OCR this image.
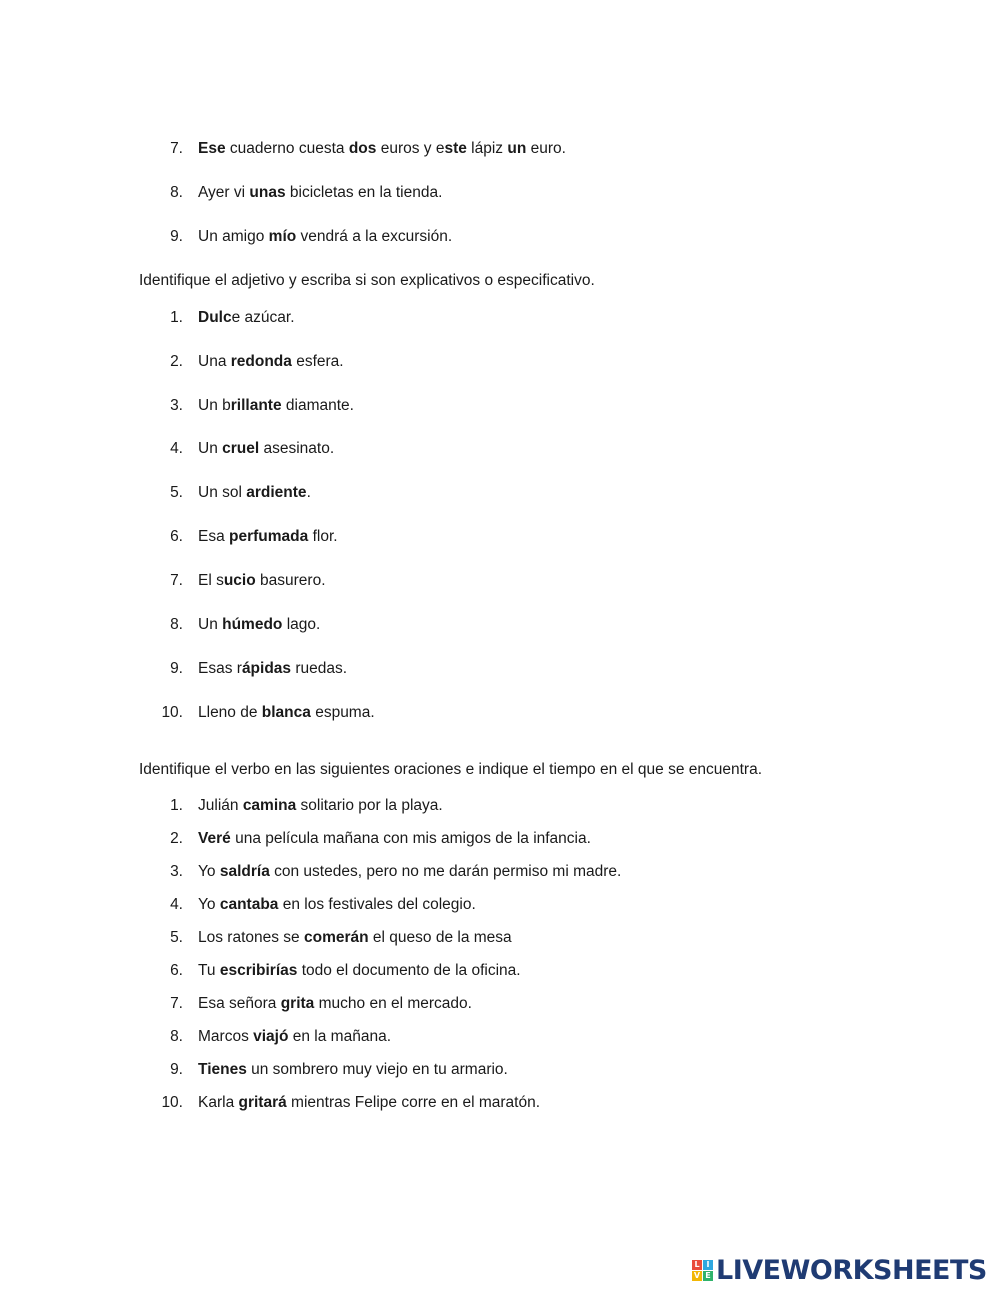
Identifique el adjetivo y escriba si son explicativos o especificativo.
Identifique el verbo en las siguientes oraciones e indique el tiempo en el que se encuentra.
L I
V E LIVEWORKSHEETS
7. Ese cuaderno cuesta dos euros y este lápiz un euro.
8. Ayer vi unas bicicletas en la tienda.
9. Un amigo mío vendrá a la excursión.
1. Dulce azúcar.
2. Una redonda esfera.
3. Un brillante diamante.
4. Un cruel asesinato.
5. Un sol ardiente.
6. Esa perfumada flor.
7. El sucio basurero.
8. Un húmedo lago.
9. Esas rápidas ruedas.
10. Lleno de blanca espuma.
1. Julián camina solitario por la playa.
2. Veré una película mañana con mis amigos de la infancia.
3. Yo saldría con ustedes, pero no me darán permiso mi madre.
4. Yo cantaba en los festivales del colegio.
5. Los ratones se comerán el queso de la mesa
6. Tu escribirías todo el documento de la oficina.
7. Esa señora grita mucho en el mercado.
8. Marcos viajó en la mañana.
9. Tienes un sombrero muy viejo en tu armario.
10. Karla gritará mientras Felipe corre en el maratón.
